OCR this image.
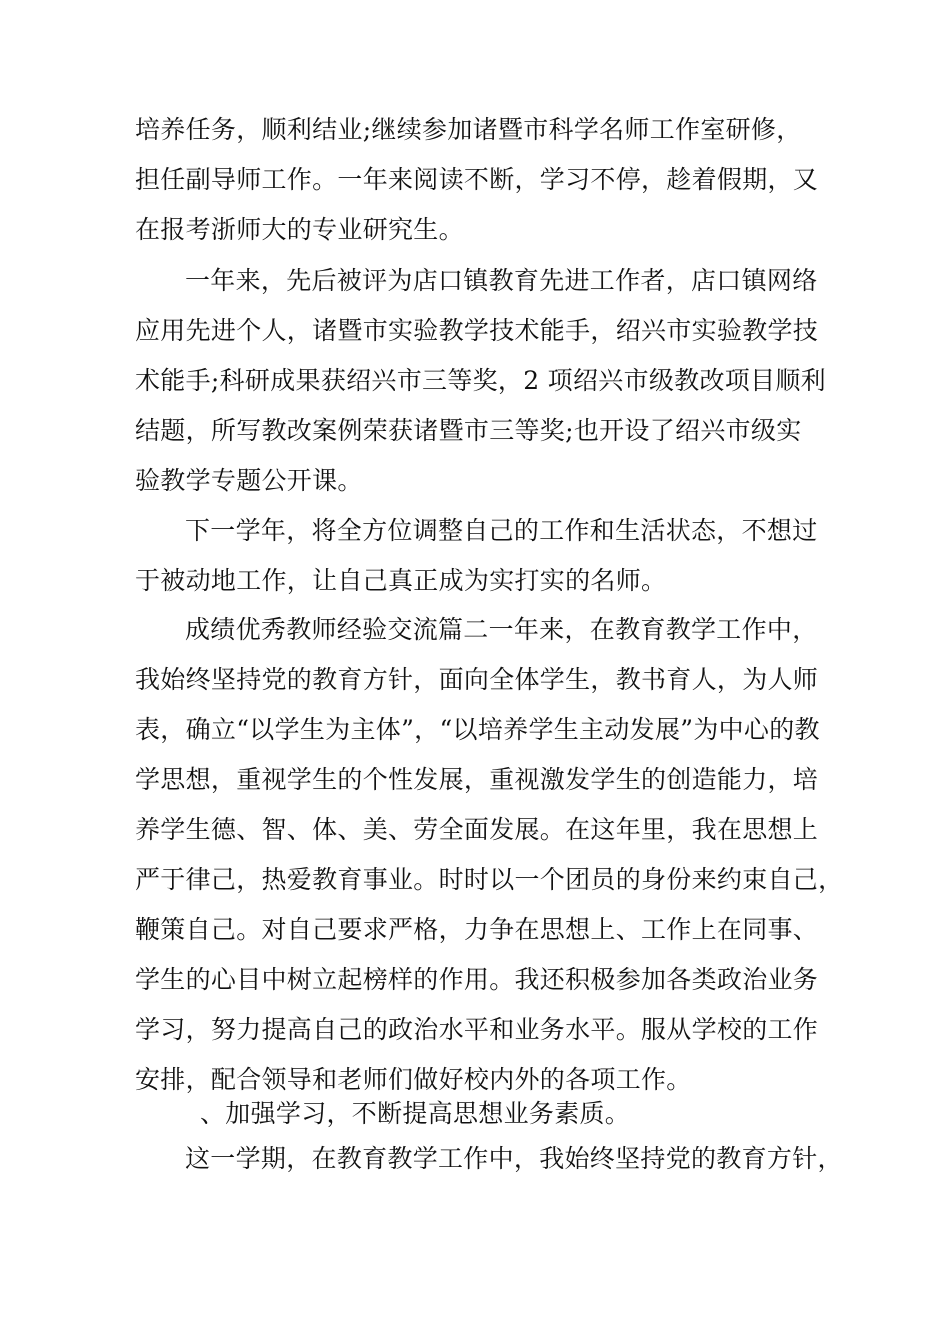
培养任务，顺利结业;继续参加诸暨市科学名师工作室研修，
担任副导师工作。一年来阅读不断，学习不停，趁着假期，又
在报考浙师大的专业研究生。
一年来，先后被评为店口镇教育先进工作者，店口镇网络
应用先进个人，诸暨市实验教学技术能手，绍兴市实验教学技
术能手;科研成果获绍兴市三等奖，2 项绍兴市级教改项目顺利
结题，所写教改案例荣获诸暨市三等奖;也开设了绍兴市级实
验教学专题公开课。
下一学年，将全方位调整自己的工作和生活状态，不想过
于被动地工作，让自己真正成为实打实的名师。
成绩优秀教师经验交流篇二一年来，在教育教学工作中，
我始终坚持党的教育方针，面向全体学生，教书育人，为人师
表，确立“以学生为主体”，“以培养学生主动发展”为中心的教
学思想，重视学生的个性发展，重视激发学生的创造能力，培
养学生德、智、体、美、劳全面发展。在这年里，我在思想上
严于律己，热爱教育事业。时时以一个团员的身份来约束自己，
鞭策自己。对自己要求严格，力争在思想上、工作上在同事、
学生的心目中树立起榜样的作用。我还积极参加各类政治业务
学习，努力提高自己的政治水平和业务水平。服从学校的工作
安排，配合领导和老师们做好校内外的各项工作。
、加强学习，不断提高思想业务素质。
这一学期，在教育教学工作中，我始终坚持党的教育方针，
